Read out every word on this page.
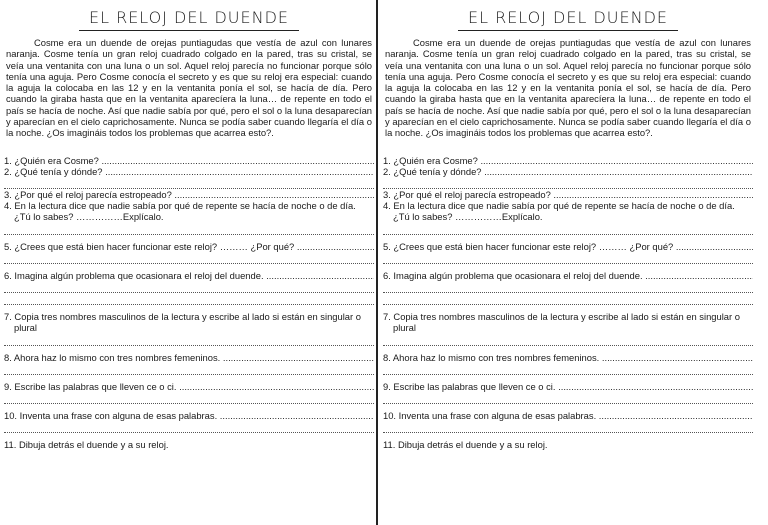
EL RELOJ DEL DUENDE
Cosme era un duende de orejas puntiagudas que vestía de azul con lunares naranja. Cosme tenía un gran reloj cuadrado colgado en la pared, tras su cristal, se veía una ventanita con una luna o un sol. Aquel reloj parecía no funcionar porque sólo tenía una aguja. Pero Cosme conocía el secreto y es que su reloj era especial: cuando la aguja la colocaba en las 12 y en la ventanita ponía el sol, se hacía de día. Pero cuando la giraba hasta que en la ventanita aparecíera la luna… de repente en todo el país se hacía de noche. Así que nadie sabía por qué, pero el sol o la luna desaparecían y aparecían en el cielo caprichosamente. Nunca se podía saber cuando llegaría el día o la noche. ¿Os imagináis todos los problemas que acarrea esto?.
1. ¿Quién era Cosme? .....
2. ¿Qué tenía y dónde? .....
3. ¿Por qué el reloj parecía estropeado? .....
4. En la lectura dice que nadie sabía por qué de repente se hacía de noche o de día. ¿Tú lo sabes? ……………Explícalo.
5. ¿Crees que está bien hacer funcionar este reloj? ……… ¿Por qué? .....
6. Imagina algún problema que ocasionara el reloj del duende. .....
7. Copia tres nombres masculinos de la lectura y escribe al lado si están en singular o plural
8. Ahora haz lo mismo con tres nombres femeninos. .....
9. Escribe las palabras que lleven ce o ci. .....
10. Inventa una frase con alguna de esas palabras. .....
11. Dibuja detrás el duende y a su reloj.
EL RELOJ DEL DUENDE
Cosme era un duende de orejas puntiagudas que vestía de azul con lunares naranja. Cosme tenía un gran reloj cuadrado colgado en la pared, tras su cristal, se veía una ventanita con una luna o un sol. Aquel reloj parecía no funcionar porque sólo tenía una aguja. Pero Cosme conocía el secreto y es que su reloj era especial: cuando la aguja la colocaba en las 12 y en la ventanita ponía el sol, se hacía de día. Pero cuando la giraba hasta que en la ventanita aparecíera la luna… de repente en todo el país se hacía de noche. Así que nadie sabía por qué, pero el sol o la luna desaparecían y aparecían en el cielo caprichosamente. Nunca se podía saber cuando llegaría el día o la noche. ¿Os imagináis todos los problemas que acarrea esto?.
1. ¿Quién era Cosme? .....
2. ¿Qué tenía y dónde? .....
3. ¿Por qué el reloj parecía estropeado? .....
4. En la lectura dice que nadie sabía por qué de repente se hacía de noche o de día. ¿Tú lo sabes? ……………Explícalo.
5. ¿Crees que está bien hacer funcionar este reloj? ……… ¿Por qué? .....
6. Imagina algún problema que ocasionara el reloj del duende. .....
7. Copia tres nombres masculinos de la lectura y escribe al lado si están en singular o plural
8. Ahora haz lo mismo con tres nombres femeninos. .....
9. Escribe las palabras que lleven ce o ci. .....
10. Inventa una frase con alguna de esas palabras. .....
11. Dibuja detrás el duende y a su reloj.
